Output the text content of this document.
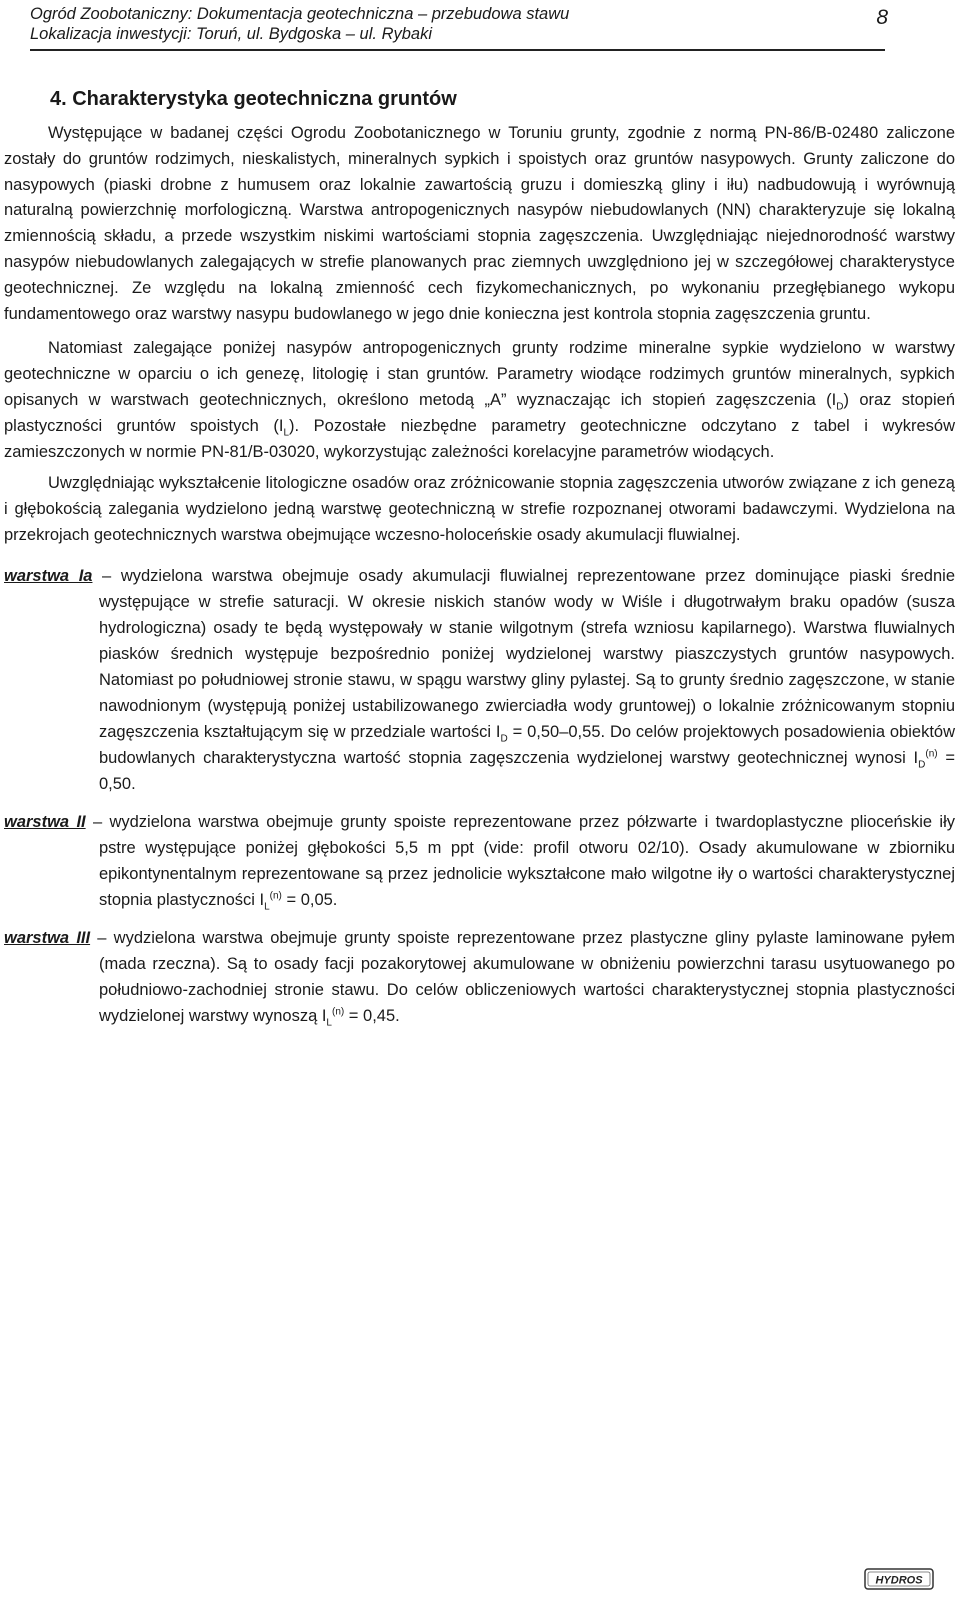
Ogród Zoobotaniczny: Dokumentacja geotechniczna – przebudowa stawu
Lokalizacja inwestycji: Toruń, ul. Bydgoska – ul. Rybaki
8
4. Charakterystyka geotechniczna gruntów

Występujące w badanej części Ogrodu Zoobotanicznego w Toruniu grunty, zgodnie z normą PN-86/B-02480 zaliczone zostały do gruntów rodzimych, nieskalistych, mineralnych sypkich i spoistych oraz gruntów nasypowych. Grunty zaliczone do nasypowych (piaski drobne z humusem oraz lokalnie zawartością gruzu i domieszką gliny i iłu) nadbudowują i wyrównują naturalną powierzchnię morfologiczną. Warstwa antropogenicznych nasypów niebudowlanych (NN) charakteryzuje się lokalną zmiennością składu, a przede wszystkim niskimi wartościami stopnia zagęszczenia. Uwzględniając niejednorodność warstwy nasypów niebudowlanych zalegających w strefie planowanych prac ziemnych uwzględniono jej w szczegółowej charakterystyce geotechnicznej. Ze względu na lokalną zmienność cech fizykomechanicznych, po wykonaniu przegłębianego wykopu fundamentowego oraz warstwy nasypu budowlanego w jego dnie konieczna jest kontrola stopnia zagęszczenia gruntu.

Natomiast zalegające poniżej nasypów antropogenicznych grunty rodzime mineralne sypkie wydzielono w warstwy geotechniczne w oparciu o ich genezę, litologię i stan gruntów. Parametry wiodące rodzimych gruntów mineralnych, sypkich opisanych w warstwach geotechnicznych, określono metodą „A” wyznaczając ich stopień zagęszczenia $(I_D)$ oraz stopień plastyczności gruntów spoistych $(I_L)$. Pozostałe niezbędne parametry geotechniczne odczytano z tabel i wykresów zamieszczonych w normie PN-81/B-03020, wykorzystując zależności korelacyjne parametrów wiodących.

Uwzględniając wykształcenie litologiczne osadów oraz zróżnicowanie stopnia zagęszczenia utworów związane z ich genezą i głębokością zalegania wydzielono jedną warstwę geotechniczną w strefie rozpoznanej otworami badawczymi. Wydzielona na przekrojach geotechnicznych warstwa obejmujące wczesno-holoceńskie osady akumulacji fluwialnej.

warstwa Ia – wydzielona warstwa obejmuje osady akumulacji fluwialnej reprezentowane przez dominujące piaski średnie występujące w strefie saturacji. W okresie niskich stanów wody w Wiśle i długotrwałym braku opadów (susza hydrologiczna) osady te będą występowały w stanie wilgotnym (strefa wzniosu kapilarnego). Warstwa fluwialnych piasków średnich występuje bezpośrednio poniżej wydzielonej warstwy piaszczystych gruntów nasypowych. Natomiast po południowej stronie stawu, w spągu warstwy gliny pylastej. Są to grunty średnio zagęszczone, w stanie nawodnionym (występują poniżej ustabilizowanego zwierciadła wody gruntowej) o lokalnie zróżnicowanym stopniu zagęszczenia kształtującym się w przedziale wartości $I_D = 0,50-0,55$. Do celów projektowych posadowienia obiektów budowlanych charakterystyczna wartość stopnia zagęszczenia wydzielonej warstwy geotechnicznej wynosi $I_D^{(n)} = 0,50$.
warstwa II – wydzielona warstwa obejmuje grunty spoiste reprezentowane przez półzwarte i twardoplastyczne plioceńskie iły pstre występujące poniżej głębokości 5,5 m ppt (vide: profil otworu 02/10). Osady akumulowane w zbiorniku epikontynentalnym reprezentowane są przez jednolicie wykształcone mało wilgotne iły o wartości charakterystycznej stopnia plastyczności $I_L^{(n)} = 0,05$.
warstwa III – wydzielona warstwa obejmuje grunty spoiste reprezentowane przez plastyczne gliny pylaste laminowane pyłem (mada rzeczna). Są to osady facji pozakorytowej akumulowane w obniżeniu powierzchni tarasu usytuowanego po południowo-zachodniej stronie stawu. Do celów obliczeniowych wartości charakterystycznej stopnia plastyczności wydzielonej warstwy wynoszą $I_L^{(n)} = 0,45$.
HYDROS
